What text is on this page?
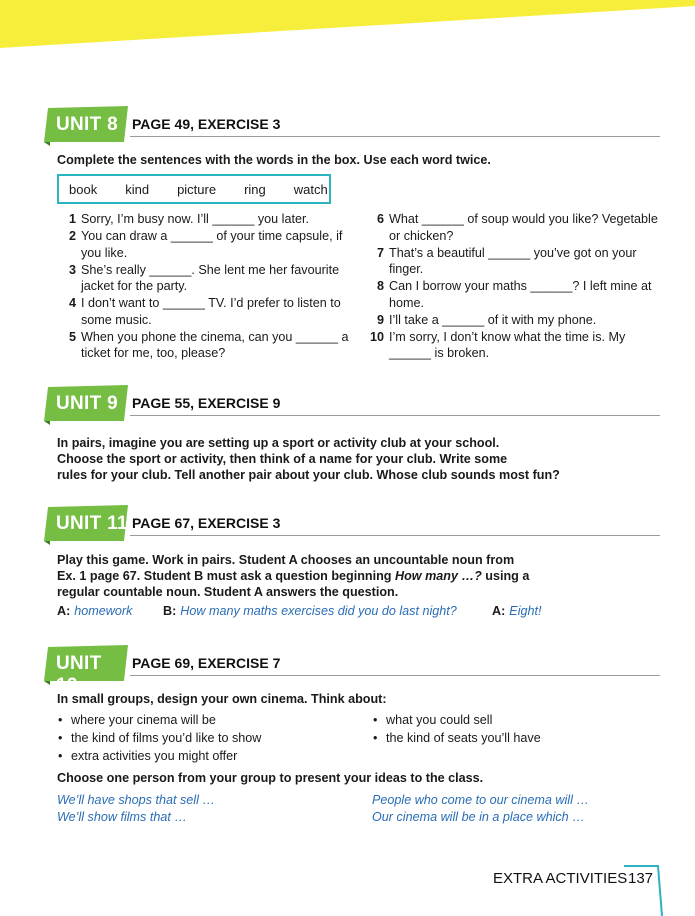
UNIT 8 PAGE 49, EXERCISE 3
Complete the sentences with the words in the box. Use each word twice.
book kind picture ring watch
1 Sorry, I’m busy now. I’ll ______ you later.
2 You can draw a ______ of your time capsule, if you like.
3 She’s really ______. She lent me her favourite jacket for the party.
4 I don’t want to ______ TV. I’d prefer to listen to some music.
5 When you phone the cinema, can you ______ a ticket for me, too, please?
6 What ______ of soup would you like? Vegetable or chicken?
7 That’s a beautiful ______ you’ve got on your finger.
8 Can I borrow your maths ______? I left mine at home.
9 I’ll take a ______ of it with my phone.
10 I’m sorry, I don’t know what the time is. My ______ is broken.
UNIT 9 PAGE 55, EXERCISE 9
In pairs, imagine you are setting up a sport or activity club at your school.
Choose the sport or activity, then think of a name for your club. Write some
rules for your club. Tell another pair about your club. Whose club sounds most fun?
UNIT 11 PAGE 67, EXERCISE 3
Play this game. Work in pairs. Student A chooses an uncountable noun from
Ex. 1 page 67. Student B must ask a question beginning How many …? using a
regular countable noun. Student A answers the question.
A: homework B: How many maths exercises did you do last night?	A: Eight!
UNIT 12
PAGE 69, EXERCISE 7
In small groups, design your own cinema. Think about:
• where your cinema will be
• the kind of films you’d like to show
• extra activities you might offer
• what you could sell
• the kind of seats you’ll have
Choose one person from your group to present your ideas to the class.
We’ll have shops that sell …
We’ll show films that …
People who come to our cinema will …
Our cinema will be in a place which …
EXTRA ACTIVITIES 137
